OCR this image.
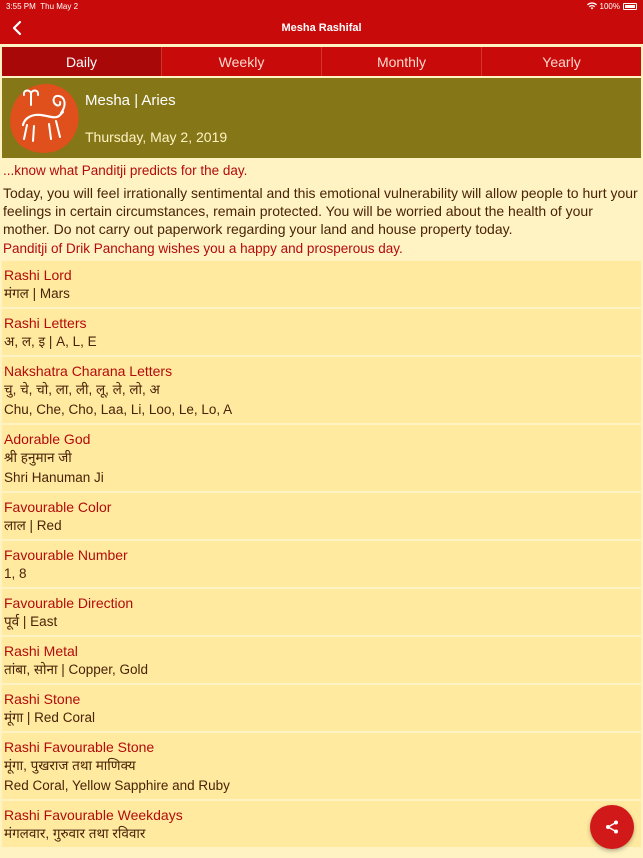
3:55 PM Thu May 2	100%
Mesha Rashifal
Daily	Weekly	Monthly	Yearly
Mesha | Aries
Thursday, May 2, 2019
...know what Panditji predicts for the day.
Today, you will feel irrationally sentimental and this emotional vulnerability will allow people to hurt your feelings in certain circumstances, remain protected. You will be worried about the health of your mother. Do not carry out paperwork regarding your land and house property today.
Panditji of Drik Panchang wishes you a happy and prosperous day.
Rashi Lord
मंगल | Mars
Rashi Letters
अ, ल, इ | A, L, E
Nakshatra Charana Letters
चु, चे, चो, ला, ली, लू, ले, लो, अ
Chu, Che, Cho, Laa, Li, Loo, Le, Lo, A
Adorable God
श्री हनुमान जी
Shri Hanuman Ji
Favourable Color
लाल | Red
Favourable Number
1, 8
Favourable Direction
पूर्व | East
Rashi Metal
तांबा, सोना | Copper, Gold
Rashi Stone
मूंगा | Red Coral
Rashi Favourable Stone
मूंगा, पुखराज तथा माणिक्य
Red Coral, Yellow Sapphire and Ruby
Rashi Favourable Weekdays
मंगलवार, गुरुवार तथा रविवार
